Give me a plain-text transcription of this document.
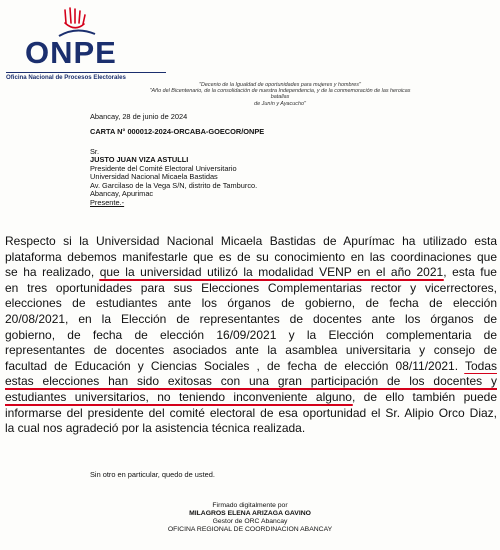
ONPE
Oficina Nacional de Procesos Electorales
"Decenio de la Igualdad de oportunidades para mujeres y hombres"
"Año del Bicentenario, de la consolidación de nuestra Independencia, y de la conmemoración de las heroicas batallas
de Junín y Ayacucho"
Abancay, 28 de junio de 2024
CARTA N° 000012-2024-ORCABA-GOECOR/ONPE
Sr.
JUSTO JUAN VIZA ASTULLI
Presidente del Comité Electoral Universitario
Universidad Nacional Micaela Bastidas
Av. Garcilaso de la Vega S/N, distrito de Tamburco.
Abancay, Apurimac
Presente.-
Respecto si la Universidad Nacional Micaela Bastidas de Apurímac ha utilizado esta
plataforma debemos manifestarle que es de su conocimiento en las coordinaciones que
se ha realizado, que la universidad utilizó la modalidad VENP en el año 2021, esta fue
en tres oportunidades para sus Elecciones Complementarias rector y vicerrectores,
elecciones de estudiantes ante los órganos de gobierno, de fecha de elección
20/08/2021, en la Elección de representantes de docentes ante los órganos de
gobierno, de fecha de elección 16/09/2021 y la Elección complementaria de
representantes de docentes asociados ante la asamblea universitaria y consejo de
facultad de Educación y Ciencias Sociales , de fecha de elección 08/11/2021. Todas
estas elecciones han sido exitosas con una gran participación de los docentes y
estudiantes universitarios, no teniendo inconveniente alguno, de ello también puede
informarse del presidente del comité electoral de esa oportunidad el Sr. Alipio Orco Diaz,
la cual nos agradeció por la asistencia técnica realizada.
Sin otro en particular, quedo de usted.
Firmado digitalmente por
MILAGROS ELENA ARIZAGA GAVINO
Gestor de ORC Abancay
OFICINA REGIONAL DE COORDINACION ABANCAY
